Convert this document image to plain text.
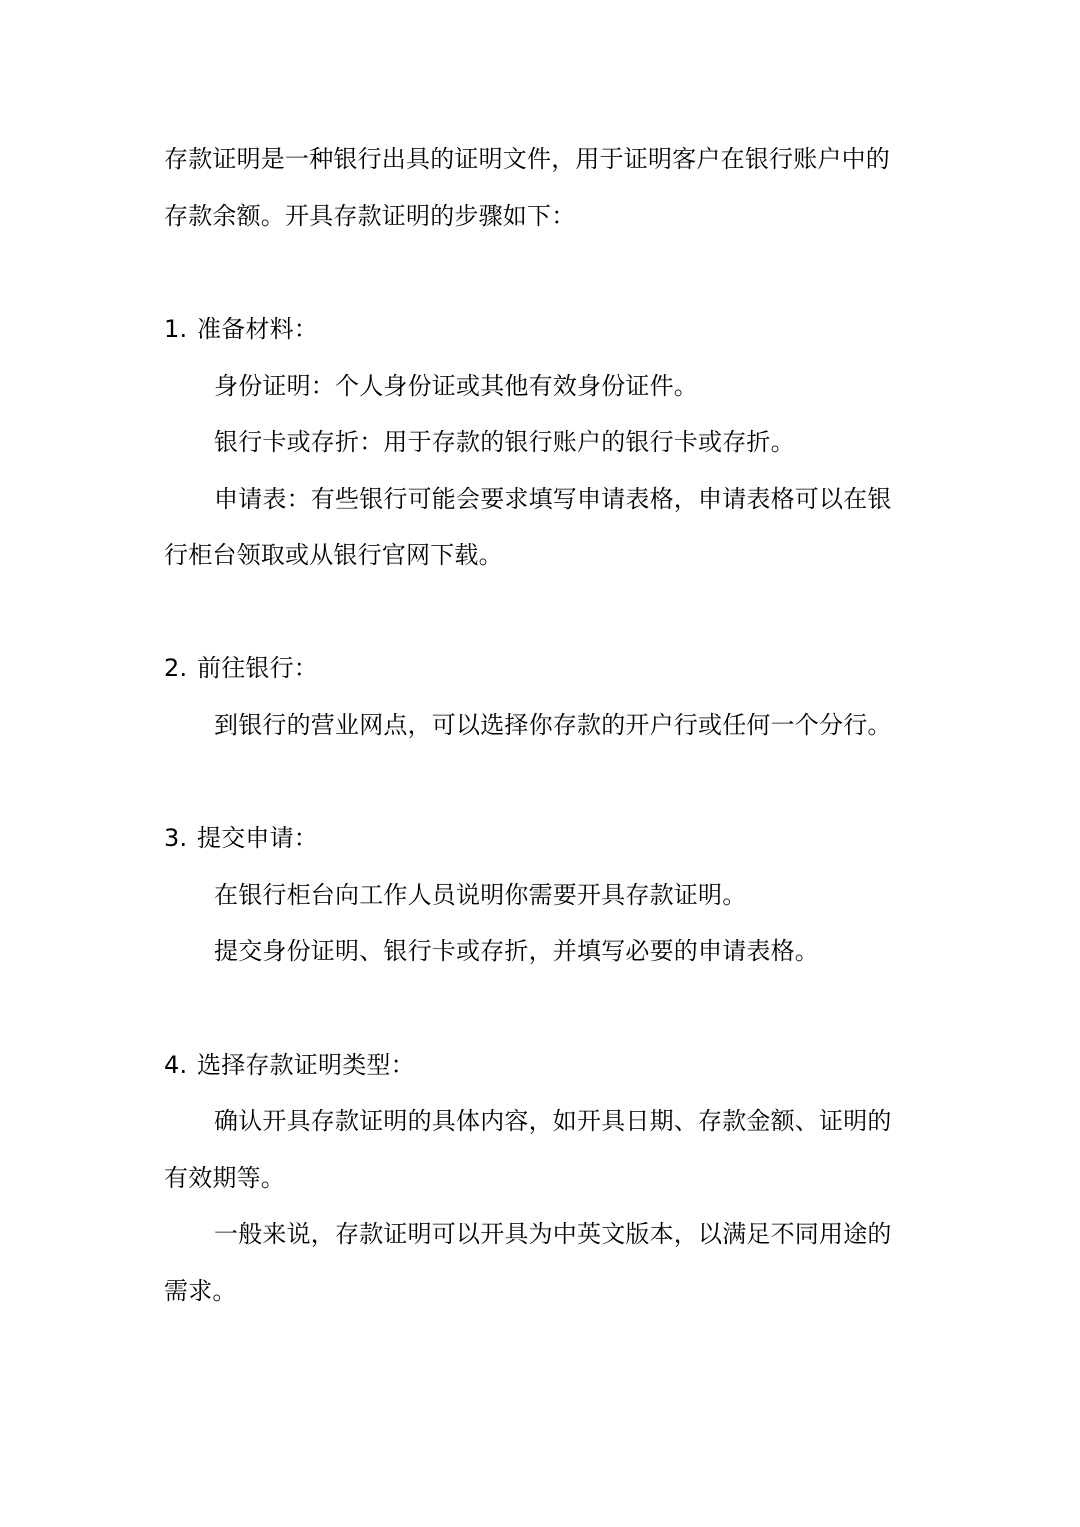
存款证明是一种银行出具的证明文件，用于证明客户在银行账户中的
存款余额。开具存款证明的步骤如下：
1. 准备材料：
身份证明：个人身份证或其他有效身份证件。
银行卡或存折：用于存款的银行账户的银行卡或存折。
申请表：有些银行可能会要求填写申请表格，申请表格可以在银
行柜台领取或从银行官网下载。
2. 前往银行：
到银行的营业网点，可以选择你存款的开户行或任何一个分行。
3. 提交申请：
在银行柜台向工作人员说明你需要开具存款证明。
提交身份证明、银行卡或存折，并填写必要的申请表格。
4. 选择存款证明类型：
确认开具存款证明的具体内容，如开具日期、存款金额、证明的
有效期等。
一般来说，存款证明可以开具为中英文版本，以满足不同用途的
需求。
